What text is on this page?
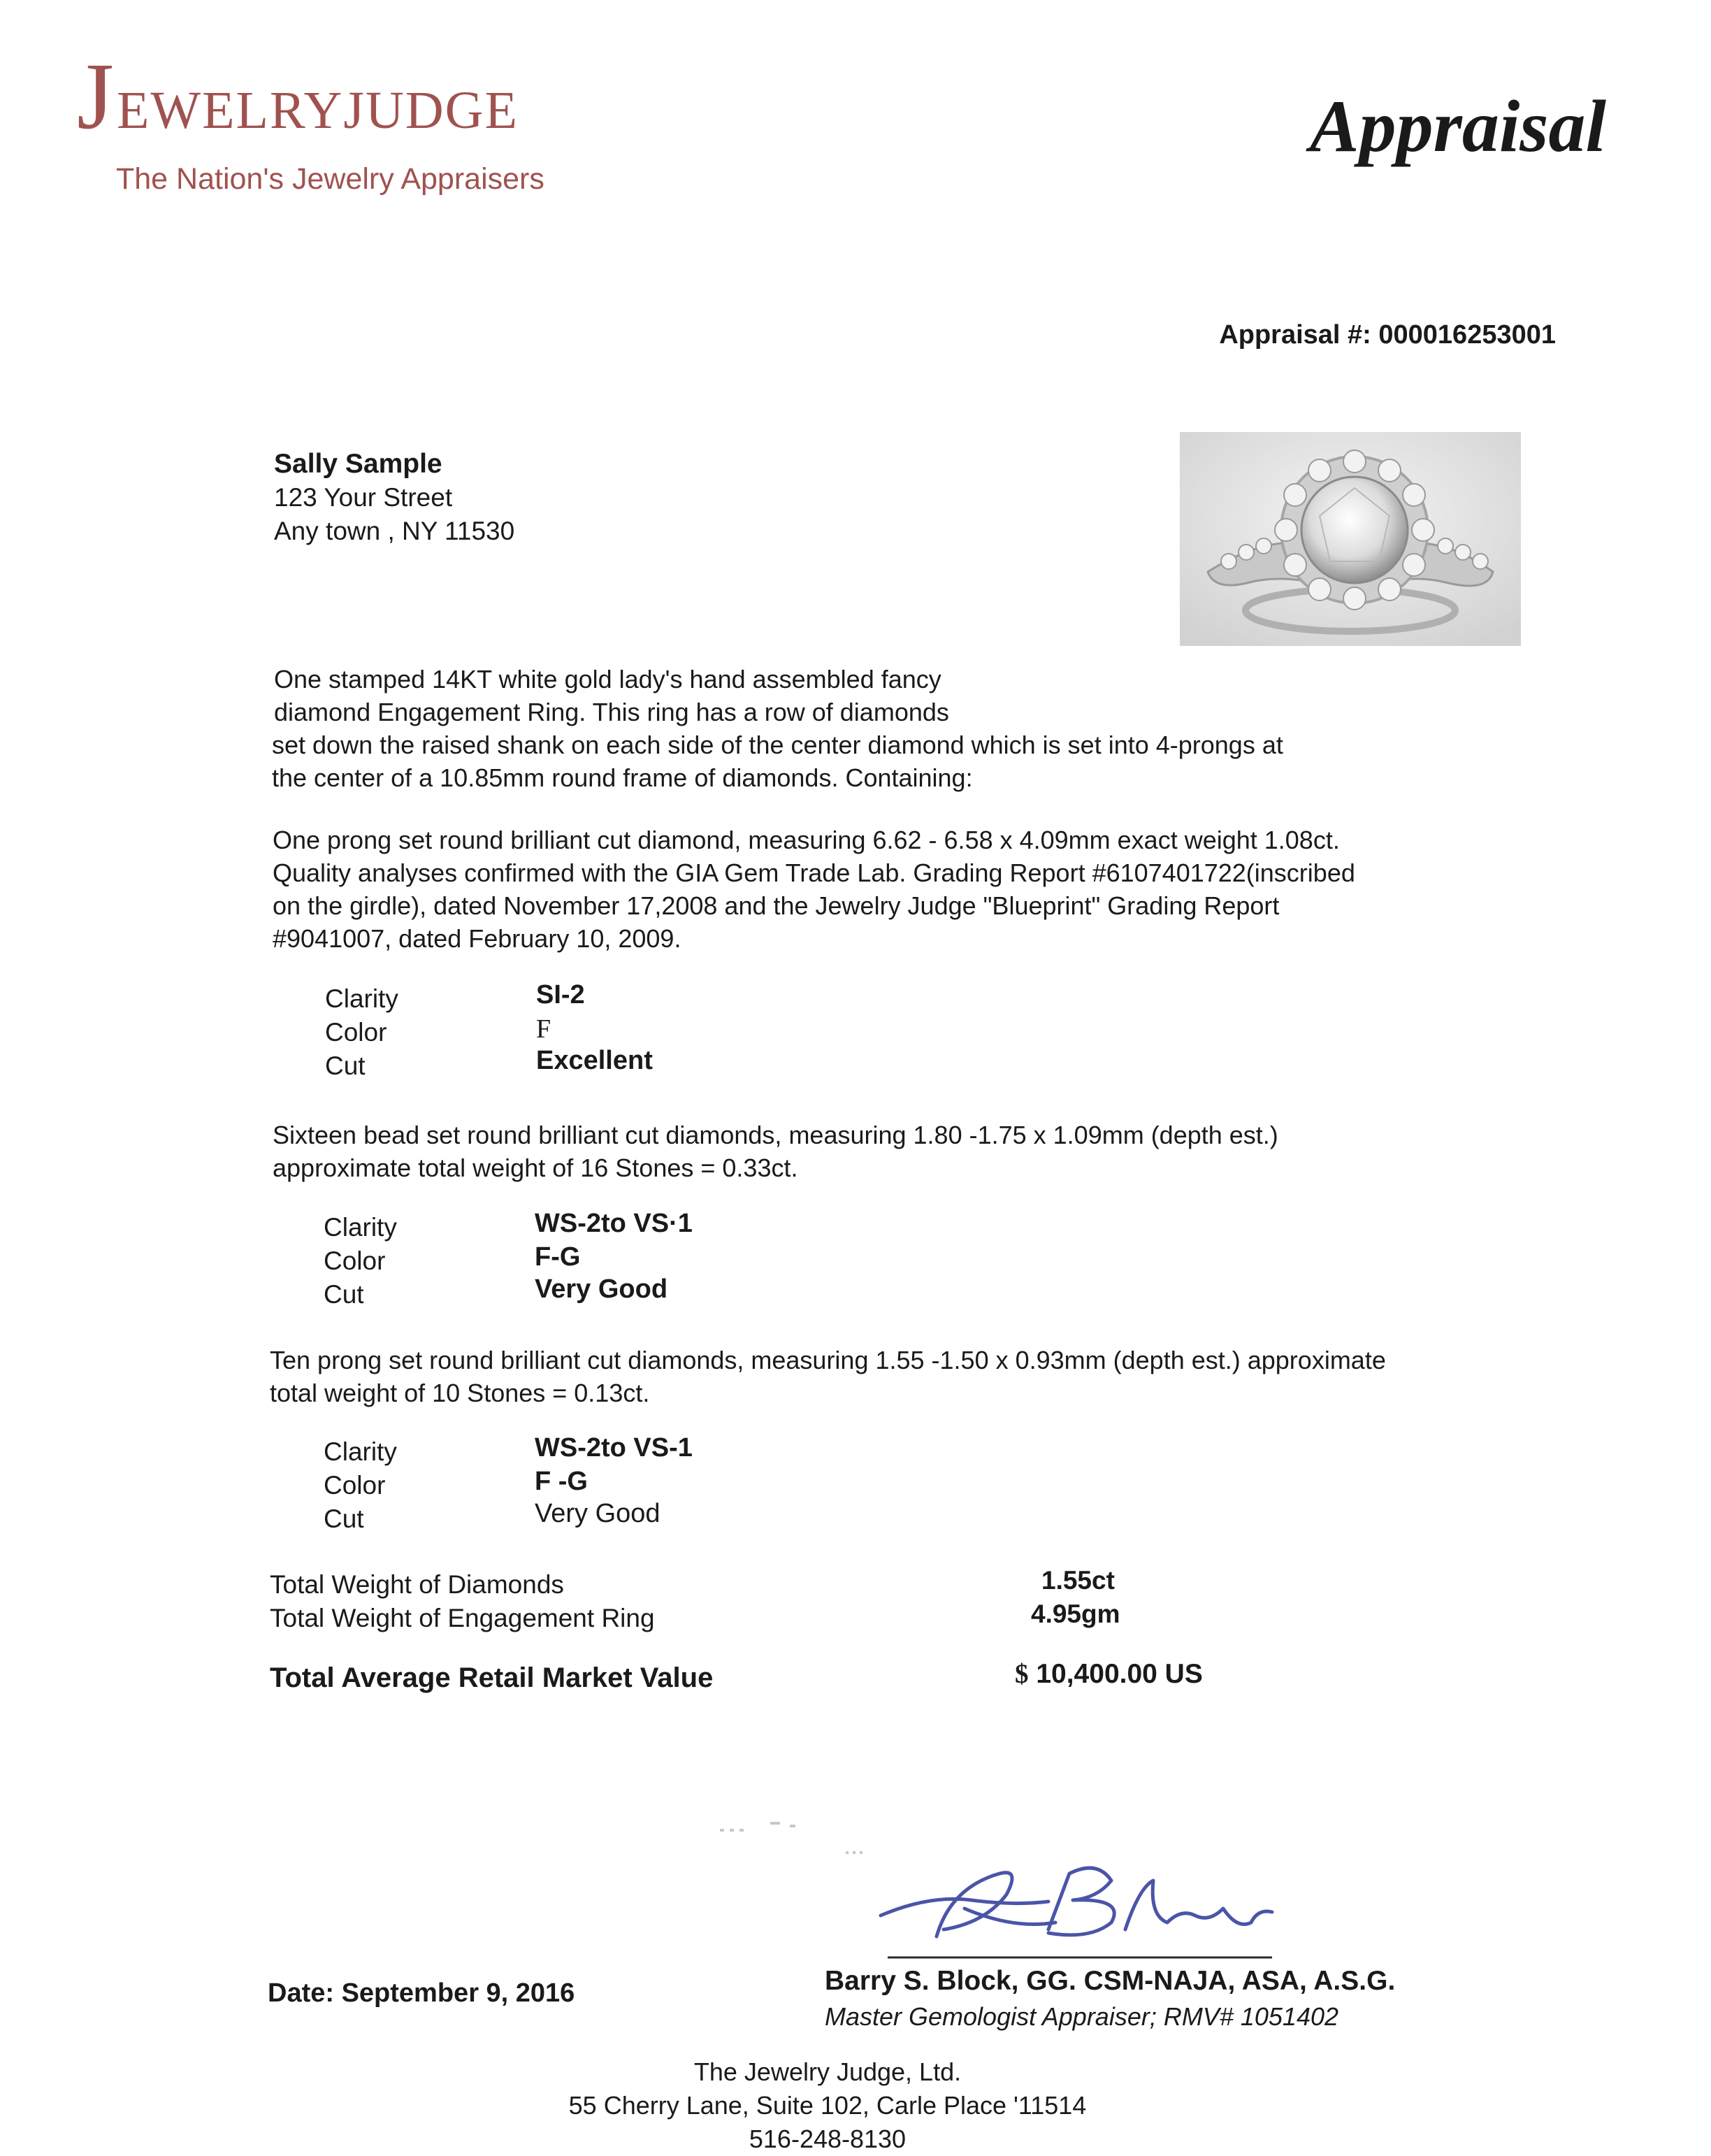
J EWELRYJUDGE
The Nation's Jewelry Appraisers
Appraisal
Appraisal #: 000016253001
Sally Sample
123 Your Street
Any town , NY 11530
One stamped 14KT white gold lady's hand assembled fancy
diamond Engagement Ring. This ring has a row of diamonds
set down the raised shank on each side of the center diamond which is set into 4-prongs at
the center of a 10.85mm round frame of diamonds. Containing:
One prong set round brilliant cut diamond, measuring 6.62 - 6.58 x 4.09mm exact weight 1.08ct.
Quality analyses confirmed with the GIA Gem Trade Lab. Grading Report #6107401722(inscribed
on the girdle), dated November 17,2008 and the Jewelry Judge "Blueprint" Grading Report
#9041007, dated February 10, 2009.
Clarity	SI-2
Color	F
Cut	Excellent
Sixteen bead set round brilliant cut diamonds, measuring 1.80 -1.75 x 1.09mm (depth est.)
approximate total weight of 16 Stones = 0.33ct.
Clarity	WS-2to VS·1
Color	F-G
Cut	Very Good
Ten prong set round brilliant cut diamonds, measuring 1.55 -1.50 x 0.93mm (depth est.) approximate
total weight of 10 Stones = 0.13ct.
Clarity	WS-2to VS-1
Color	F -G
Cut	Very Good
Total Weight of Diamonds	1.55ct
Total Weight of Engagement Ring	4.95gm
Total Average Retail Market Value	$ 10,400.00 US
Date: September 9, 2016	Barry S. Block, GG. CSM-NAJA, ASA, A.S.G.
Master Gemologist Appraiser; RMV# 1051402
The Jewelry Judge, Ltd.
55 Cherry Lane, Suite 102, Carle Place '11514
516-248-8130
